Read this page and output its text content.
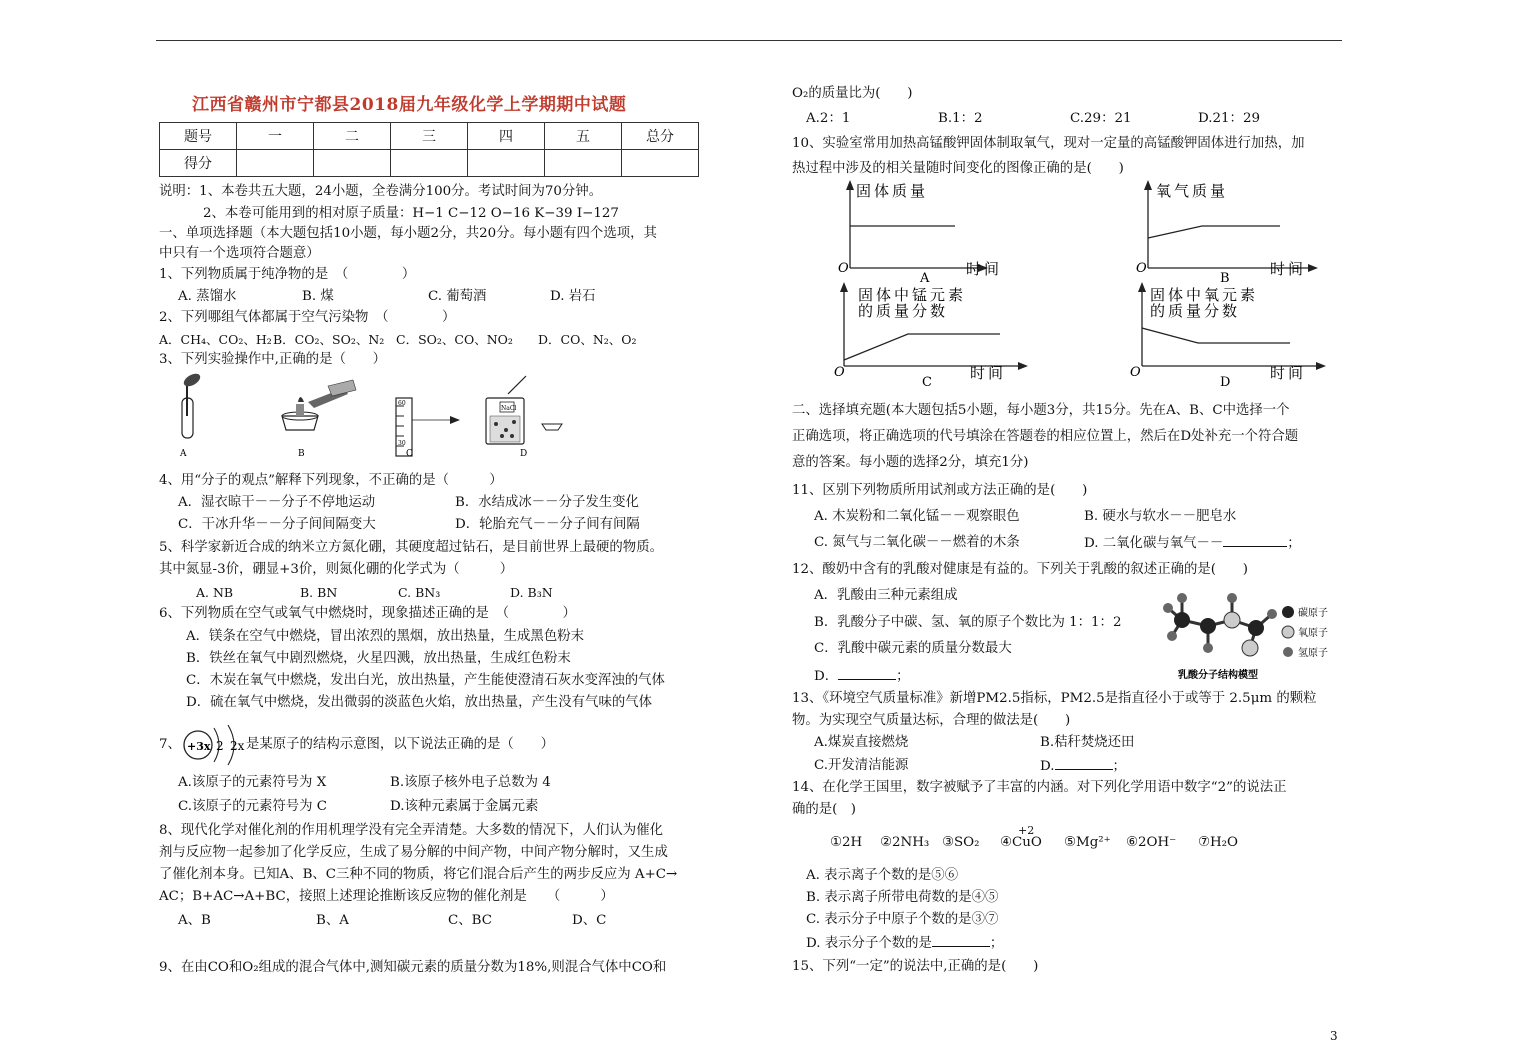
江西省赣州市宁都县2018届九年级化学上学期期中试题
题号	一	二	三	四	五	总分
得分						
说明：1、本卷共五大题，24小题，全卷满分100分。考试时间为70分钟。
2、本卷可能用到的相对原子质量：H−1 C−12 O−16 K−39 I−127
一、单项选择题（本大题包括10小题，每小题2分，共20分。每小题有四个选项，其
中只有一个选项符合题意）
1、下列物质属于纯净物的是　（　　　　）
A. 蒸馏水	B. 煤	C. 葡萄酒	D. 岩石
2、下列哪组气体都属于空气污染物　（　　　　）
A．CH₄、CO₂、H₂ B．CO₂、SO₂、N₂ C．SO₂、CO、NO₂ D．CO、N₂、O₂
3、下列实验操作中,正确的是（　　）
60
30
NaCl
A	B	C	D
4、用“分子的观点”解释下列现象，不正确的是（　　　）
A．湿衣晾干－－分子不停地运动	B．水结成冰－－分子发生变化
C．干冰升华－－分子间间隔变大	D．轮胎充气－－分子间有间隔
5、科学家新近合成的纳米立方氮化硼，其硬度超过钻石，是目前世界上最硬的物质。
其中氮显-3价，硼显+3价，则氮化硼的化学式为（　　　）
A. NB	B. BN	C. BN₃	D. B₃N
6、下列物质在空气或氧气中燃烧时，现象描述正确的是　（　　　　）
A．镁条在空气中燃烧，冒出浓烈的黑烟，放出热量，生成黑色粉末
B．铁丝在氧气中剧烈燃烧，火星四溅，放出热量，生成红色粉末
C．木炭在氧气中燃烧，发出白光，放出热量，产生能使澄清石灰水变浑浊的气体
D．硫在氧气中燃烧，发出微弱的淡蓝色火焰，放出热量，产生没有气味的气体
7、 +3x 2 2x 是某原子的结构示意图，以下说法正确的是（　　）
A.该原子的元素符号为 X	B.该原子核外电子总数为 4
C.该原子的元素符号为 C	D.该种元素属于金属元素
8、现代化学对催化剂的作用机理学没有完全弄清楚。大多数的情况下，人们认为催化
剂与反应物一起参加了化学反应，生成了易分解的中间产物，中间产物分解时，又生成
了催化剂本身。已知A、B、C三种不同的物质，将它们混合后产生的两步反应为 A+C→
AC；B+AC→A+BC，接照上述理论推断该反应物的催化剂是　　（　　　）
A、B	B、A	C、BC	D、C
9、在由CO和O₂组成的混合气体中,测知碳元素的质量分数为18%,则混合气体中CO和
O₂的质量比为(　　)
A.2：1	B.1：2	C.29：21	D.21：29
10、实验室常用加热高锰酸钾固体制取氧气，现对一定量的高锰酸钾固体进行加热，加
热过程中涉及的相关量随时间变化的图像正确的是(　　)
固体质量
O	时间
A
氧气质量
O	时间
B
固体中锰元素
的质量分数
O	时间
C
固体中氧元素
的质量分数
O	时间
D
二、选择填充题(本大题包括5小题，每小题3分，共15分。先在A、B、C中选择一个
正确选项，将正确选项的代号填涂在答题卷的相应位置上，然后在D处补充一个符合题
意的答案。每小题的选择2分，填充1分)
11、区别下列物质所用试剂或方法正确的是(　　)
A. 木炭粉和二氧化锰－－观察眼色	B. 硬水与软水－－肥皂水
C. 氮气与二氧化碳－－燃着的木条	D. 二氧化碳与氧气－－	；
12、酸奶中含有的乳酸对健康是有益的。下列关于乳酸的叙述正确的是(　　)
A．乳酸由三种元素组成
B．乳酸分子中碳、氢、氧的原子个数比为 1：1：2
C．乳酸中碳元素的质量分数最大
D．	；
碳原子
氧原子
氢原子
乳酸分子结构模型
13、《环境空气质量标准》新增PM2.5指标，PM2.5是指直径小于或等于 2.5μm 的颗粒
物。为实现空气质量达标，合理的做法是(　　)
A.煤炭直接燃烧	B.秸秆焚烧还田
C.开发清洁能源	D.	；
14、在化学王国里，数字被赋予了丰富的内涵。对下列化学用语中数字“2”的说法正
确的是(　)
+2
①2H ②2NH₃ ③SO₂ ④CuO ⑤Mg²⁺ ⑥2OH⁻ ⑦H₂O
A. 表示离子个数的是⑤⑥
B. 表示离子所带电荷数的是④⑤
C. 表示分子中原子个数的是③⑦
D. 表示分子个数的是	；
15、下列“一定”的说法中,正确的是(　　)
3
